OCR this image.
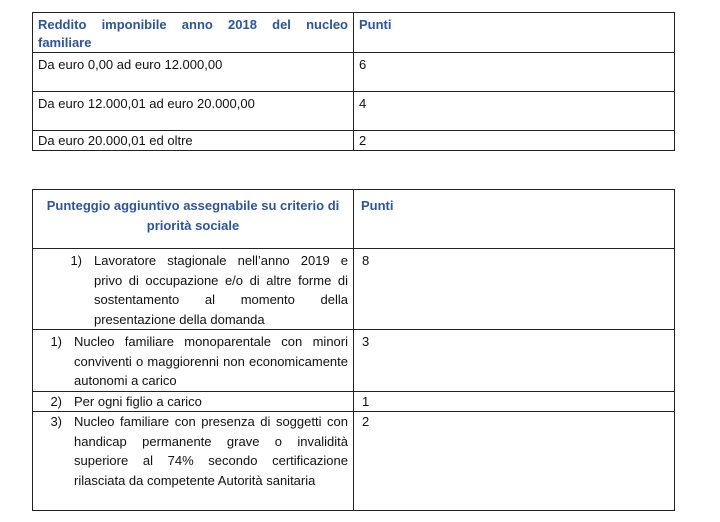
Reddito imponibile anno 2018 del nucleo
familiare	Punti

Da euro 0,00 ad euro 12.000,00	6

Da euro 12.000,01 ad euro 20.000,00	4

Da euro 20.000,01 ed oltre	2
Punteggio aggiuntivo assegnabile su criterio di priorità sociale	Punti

1) Lavoratore stagionale nell’anno 2019 e privo di occupazione e/o di altre forme di sostentamento al momento della presentazione della domanda	8

1) Nucleo familiare monoparentale con minori conviventi o maggiorenni non economicamente autonomi a carico	3

2) Per ogni figlio a carico	1

3) Nucleo familiare con presenza di soggetti con handicap permanente grave o invalidità superiore al 74% secondo certificazione rilasciata da competente Autorità sanitaria	2
